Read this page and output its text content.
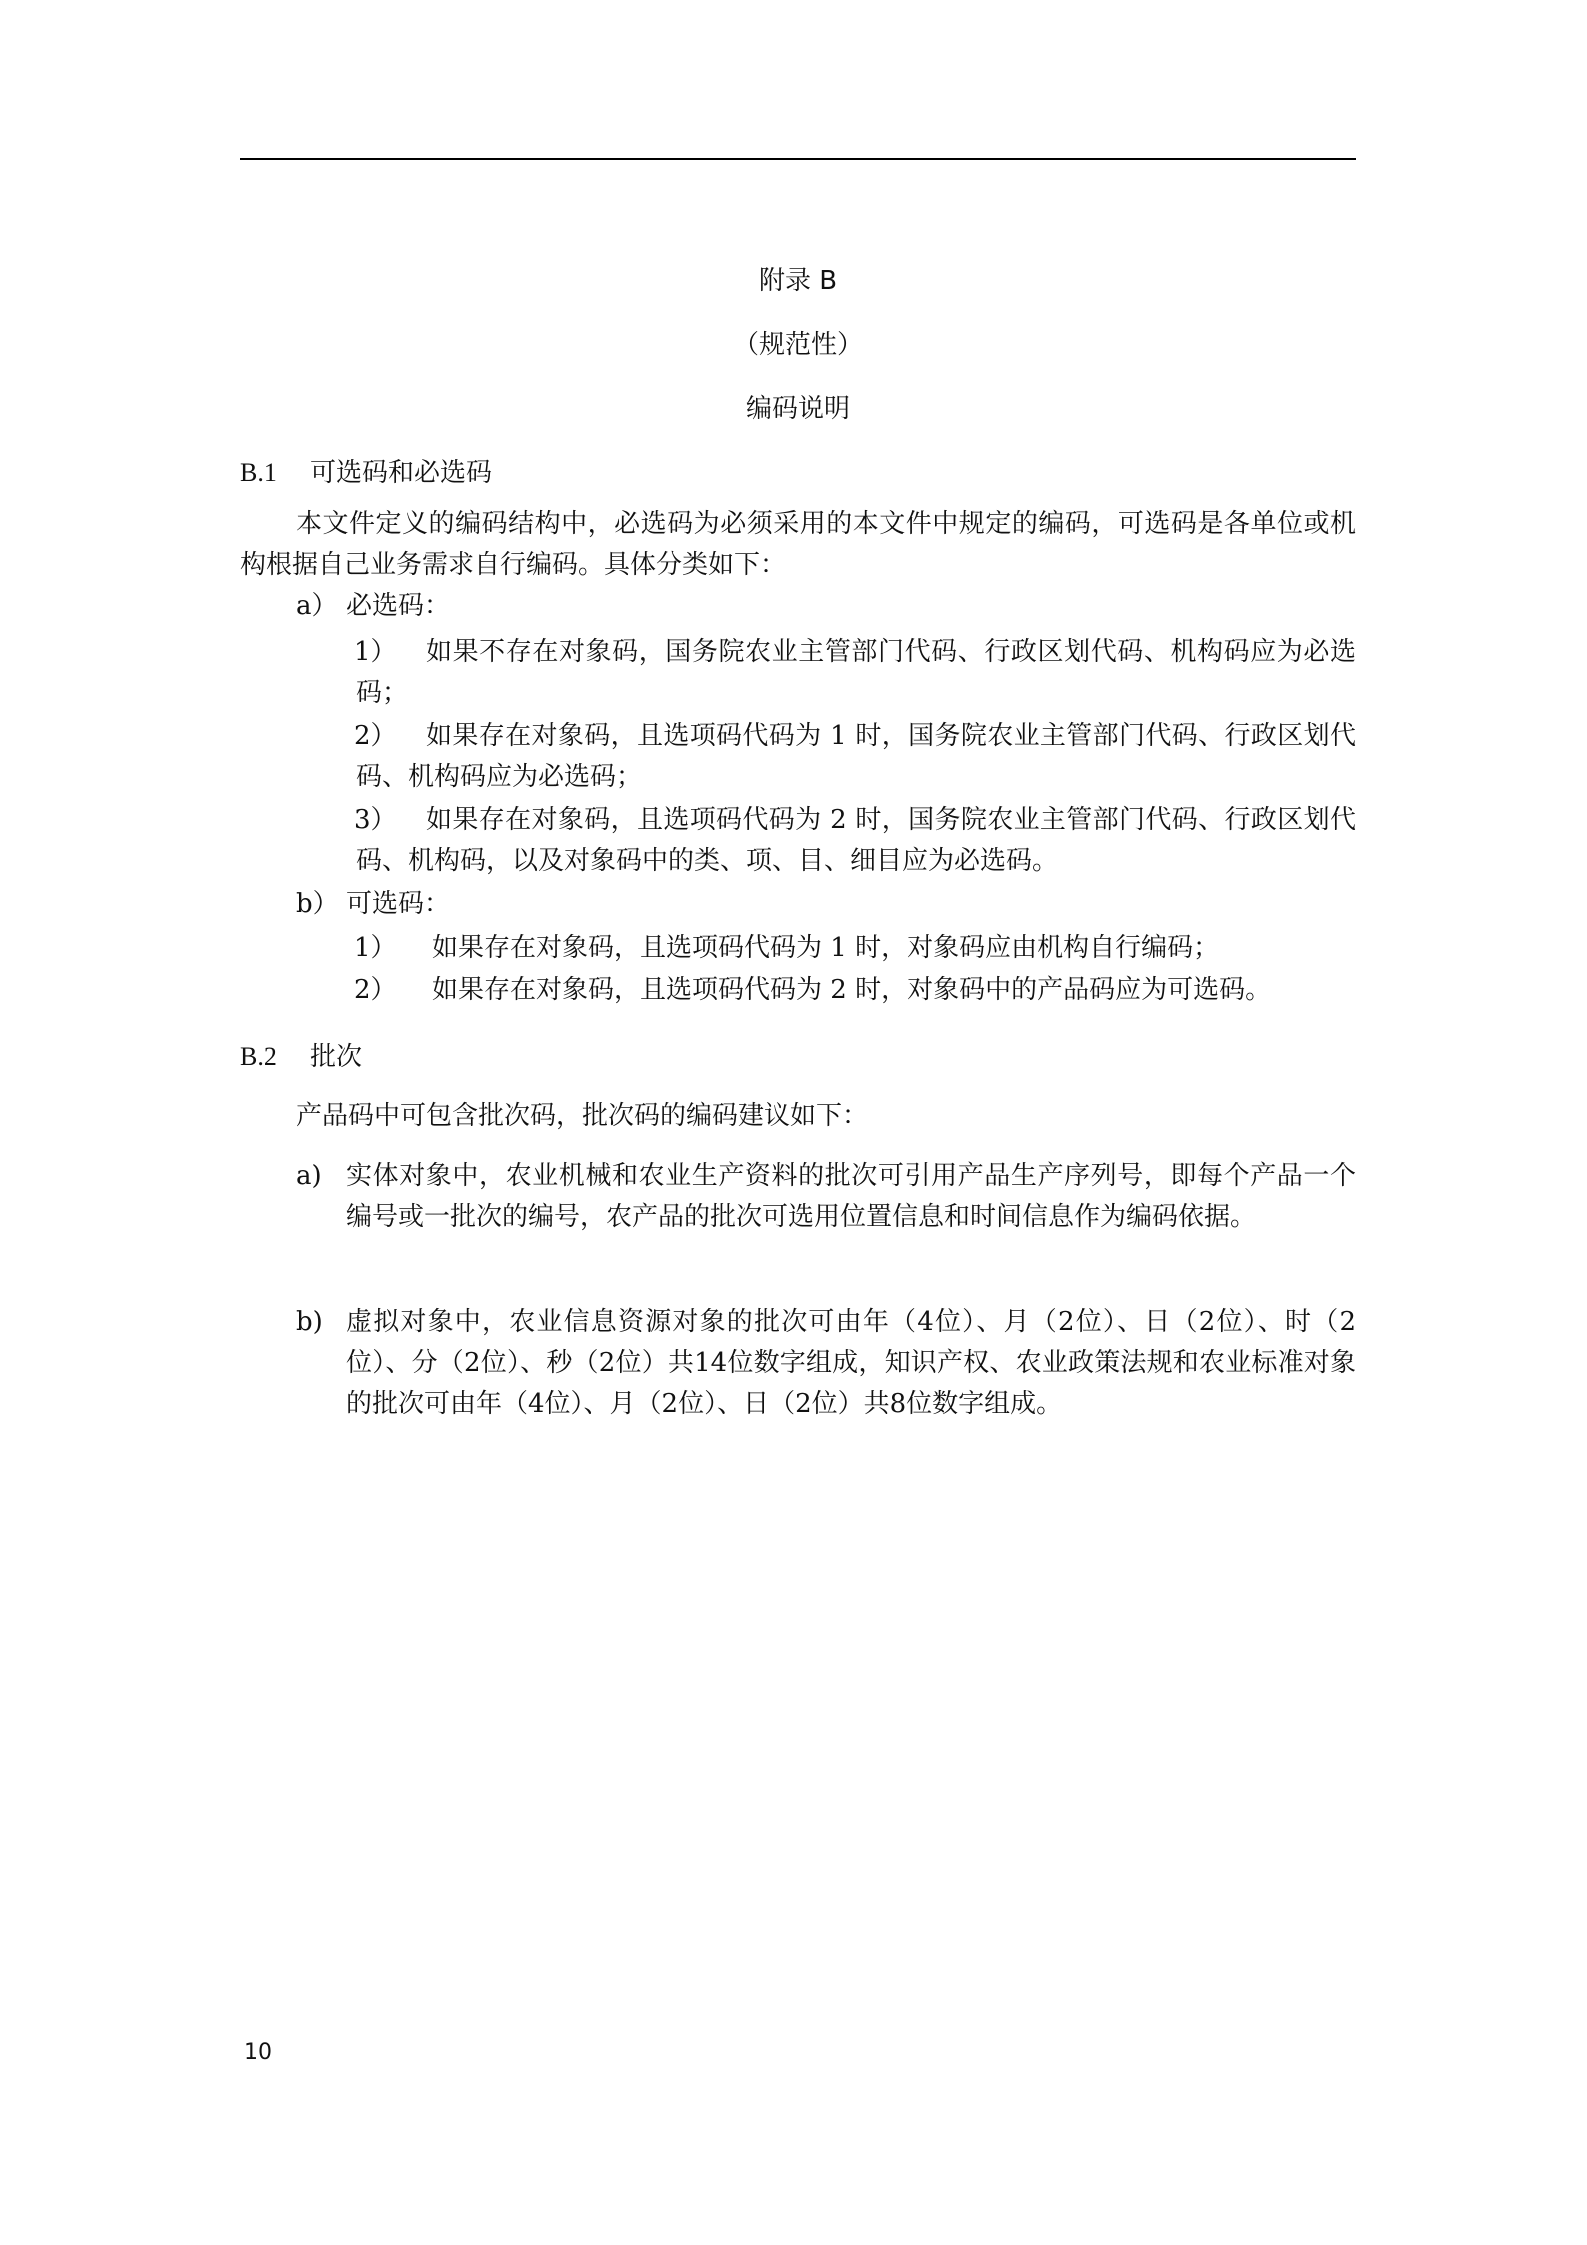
附录 B
（规范性）
编码说明
B.1 可选码和必选码
本文件定义的编码结构中，必选码为必须采用的本文件中规定的编码，可选码是各单位或机构根据自己业务需求自行编码。具体分类如下：
a） 必选码：
1）	如果不存在对象码，国务院农业主管部门代码、行政区划代码、机构码应为必选码；
2）	如果存在对象码，且选项码代码为 1 时，国务院农业主管部门代码、行政区划代码、机构码应为必选码；
3）	如果存在对象码，且选项码代码为 2 时，国务院农业主管部门代码、行政区划代码、机构码，以及对象码中的类、项、目、细目应为必选码。
b） 可选码：
1） 如果存在对象码，且选项码代码为 1 时，对象码应由机构自行编码；
2） 如果存在对象码，且选项码代码为 2 时，对象码中的产品码应为可选码。
B.2 批次
产品码中可包含批次码，批次码的编码建议如下：
a) 实体对象中，农业机械和农业生产资料的批次可引用产品生产序列号，即每个产品一个编号或一批次的编号，农产品的批次可选用位置信息和时间信息作为编码依据。
b) 虚拟对象中，农业信息资源对象的批次可由年（4位）、月（2位）、日（2位）、时（2位）、分（2位）、秒（2位）共14位数字组成，知识产权、农业政策法规和农业标准对象的批次可由年（4位）、月（2位）、日（2位）共8位数字组成。
10
